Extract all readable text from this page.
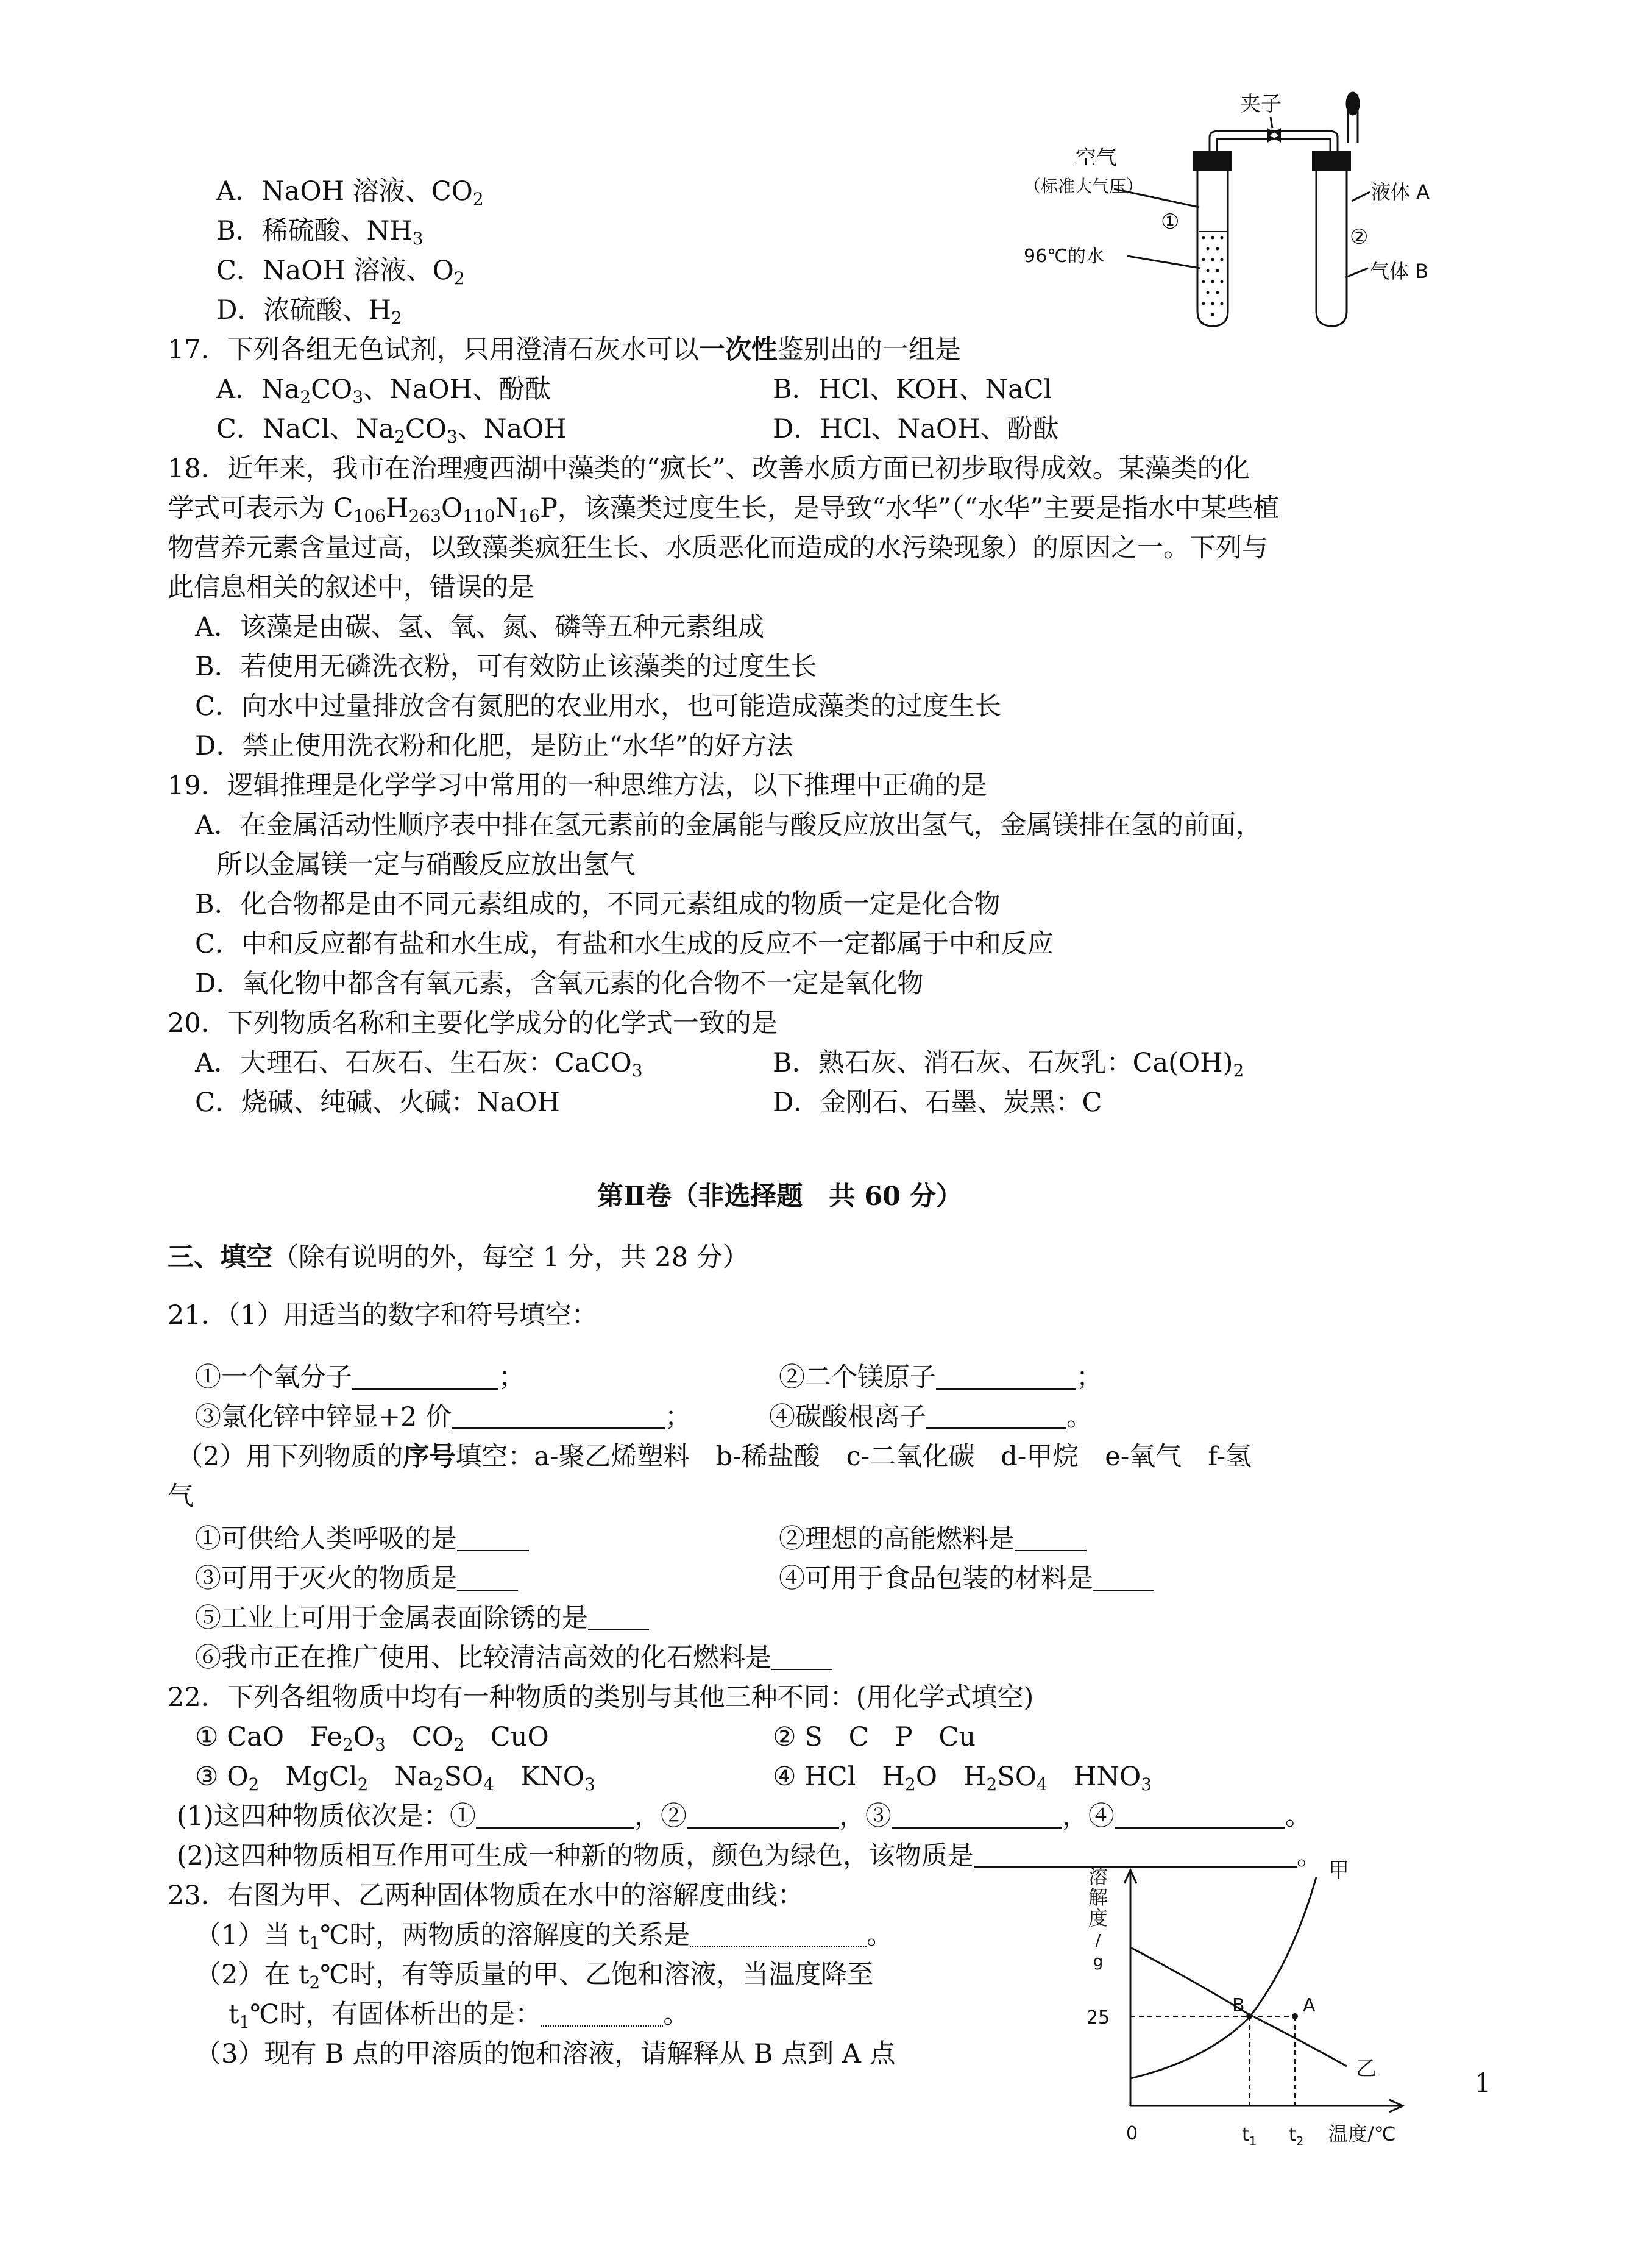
A．NaOH 溶液、$CO_2$
B．稀硫酸、$NH_3$
C．NaOH 溶液、$O_2$
D．浓硫酸、$H_2$
夹子
空气
（标准大气压）
①
②
96℃的水
液体 A
气体 B
17．下列各组无色试剂，只用澄清石灰水可以一次性鉴别出的一组是
A．$Na_2CO_3$、NaOH、酚酞	B．HCl、KOH、NaCl
C．NaCl、$Na_2CO_3$、NaOH	D．HCl、NaOH、酚酞
18．近年来，我市在治理瘦西湖中藻类的“疯长”、改善水质方面已初步取得成效。某藻类的化
学式可表示为 $C_{106}H_{263}O_{110}N_{16}P$，该藻类过度生长，是导致“水华”（“水华”主要是指水中某些植
物营养元素含量过高，以致藻类疯狂生长、水质恶化而造成的水污染现象）的原因之一。下列与
此信息相关的叙述中，错误的是
A．该藻是由碳、氢、氧、氮、磷等五种元素组成
B．若使用无磷洗衣粉，可有效防止该藻类的过度生长
C．向水中过量排放含有氮肥的农业用水，也可能造成藻类的过度生长
D．禁止使用洗衣粉和化肥，是防止“水华”的好方法
19．逻辑推理是化学学习中常用的一种思维方法，以下推理中正确的是
A．在金属活动性顺序表中排在氢元素前的金属能与酸反应放出氢气，金属镁排在氢的前面，
所以金属镁一定与硝酸反应放出氢气
B．化合物都是由不同元素组成的，不同元素组成的物质一定是化合物
C．中和反应都有盐和水生成，有盐和水生成的反应不一定都属于中和反应
D．氧化物中都含有氧元素，含氧元素的化合物不一定是氧化物
20．下列物质名称和主要化学成分的化学式一致的是
A．大理石、石灰石、生石灰：CaCO$_3$	B．熟石灰、消石灰、石灰乳：$Ca(OH)_2$
C．烧碱、纯碱、火碱：NaOH	D．金刚石、石墨、炭黑：C
第Ⅱ卷（非选择题　共 60 分）
三、填空（除有说明的外，每空 1 分，共 28 分）
21．（1）用适当的数字和符号填空：
①一个氧分子	；	②二个镁原子	；
③氯化锌中锌显+2 价	；	④碳酸根离子	。
（2）用下列物质的序号填空：a-聚乙烯塑料　b-稀盐酸　c-二氧化碳　d-甲烷　e-氧气　f-氢
气
①可供给人类呼吸的是	②理想的高能燃料是
③可用于灭火的物质是	④可用于食品包装的材料是
⑤工业上可用于金属表面除锈的是
⑥我市正在推广使用、比较清洁高效的化石燃料是
22．下列各组物质中均有一种物质的类别与其他三种不同：(用化学式填空)
① CaO　$Fe_2O_3$　$CO_2$　CuO	② S　C　P　Cu
③ $O_2$　MgCl$_2$　$Na_2SO_4$　$KNO_3$	④ HCl　$H_2O$　$H_2SO_4$　$HNO_3$
(1)这四种物质依次是：①	，②	，③	，④	。
(2)这四种物质相互作用可生成一种新的物质，颜色为绿色，该物质是	。
23．右图为甲、乙两种固体物质在水中的溶解度曲线：
（1）当 $t_1℃$时，两物质的溶解度的关系是	。
（2）在 $t_2℃$时，有等质量的甲、乙饱和溶液，当温度降至
$t_1℃$时，有固体析出的是：	。
（3）现有 B 点的甲溶质的饱和溶液，请解释从 B 点到 A 点
溶
解
度
/
g
25
0	$t_1$ $t_2$ 温度/℃
甲
乙
B	A
1
